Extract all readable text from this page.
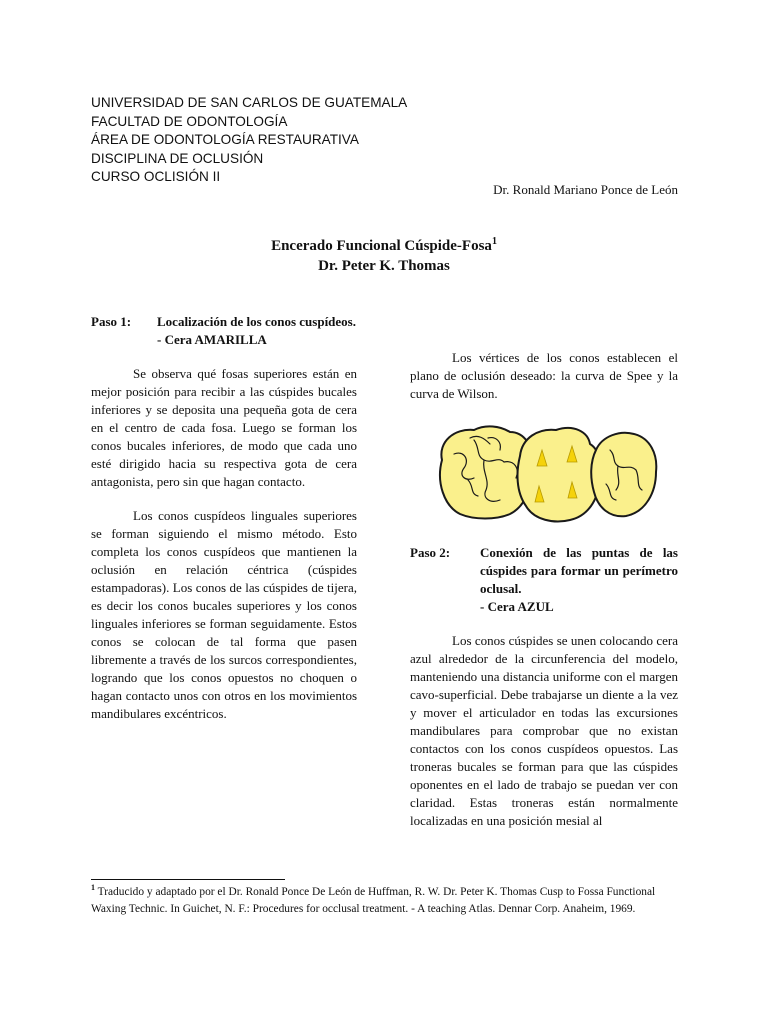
UNIVERSIDAD DE SAN CARLOS DE GUATEMALA
FACULTAD DE ODONTOLOGÍA
ÁREA DE ODONTOLOGÍA RESTAURATIVA
DISCIPLINA DE OCLUSIÓN
CURSO OCLISIÓN II
Dr. Ronald Mariano Ponce de León
Encerado Funcional Cúspide-Fosa$^1$
Dr. Peter K. Thomas
Paso 1: Localización de los conos cuspídeos.
- Cera AMARILLA

Se observa qué fosas superiores están en mejor posición para recibir a las cúspides bucales inferiores y se deposita una pequeña gota de cera en el centro de cada fosa. Luego se forman los conos bucales inferiores, de modo que cada uno esté dirigido hacia su respectiva gota de cera antagonista, pero sin que hagan contacto.

Los conos cuspídeos linguales superiores se forman siguiendo el mismo método. Esto completa los conos cuspídeos que mantienen la oclusión en relación céntrica (cúspides estampadoras). Los conos de las cúspides de tijera, es decir los conos bucales superiores y los conos linguales inferiores se forman seguidamente. Estos conos se colocan de tal forma que pasen libremente a través de los surcos correspondientes, logrando que los conos opuestos no choquen o hagan contacto unos con otros en los movimientos mandibulares excéntricos.

Los vértices de los conos establecen el plano de oclusión deseado: la curva de Spee y la curva de Wilson.

Paso 2: Conexión de las puntas de las cúspides para formar un perímetro oclusal.
- Cera AZUL

Los conos cúspides se unen colocando cera azul alrededor de la circunferencia del modelo, manteniendo una distancia uniforme con el margen cavo-superficial. Debe trabajarse un diente a la vez y mover el articulador en todas las excursiones mandibulares para comprobar que no existan contactos con los conos cuspídeos opuestos. Las troneras bucales se forman para que las cúspides oponentes en el lado de trabajo se puedan ver con claridad. Estas troneras están normalmente localizadas en una posición mesial al

$^1$ Traducido y adaptado por el Dr. Ronald Ponce De León de Huffman, R. W. Dr. Peter K. Thomas Cusp to Fossa Functional Waxing Technic. In Guichet, N. F.: Procedures for occlusal treatment. - A teaching Atlas. Dennar Corp. Anaheim, 1969.
